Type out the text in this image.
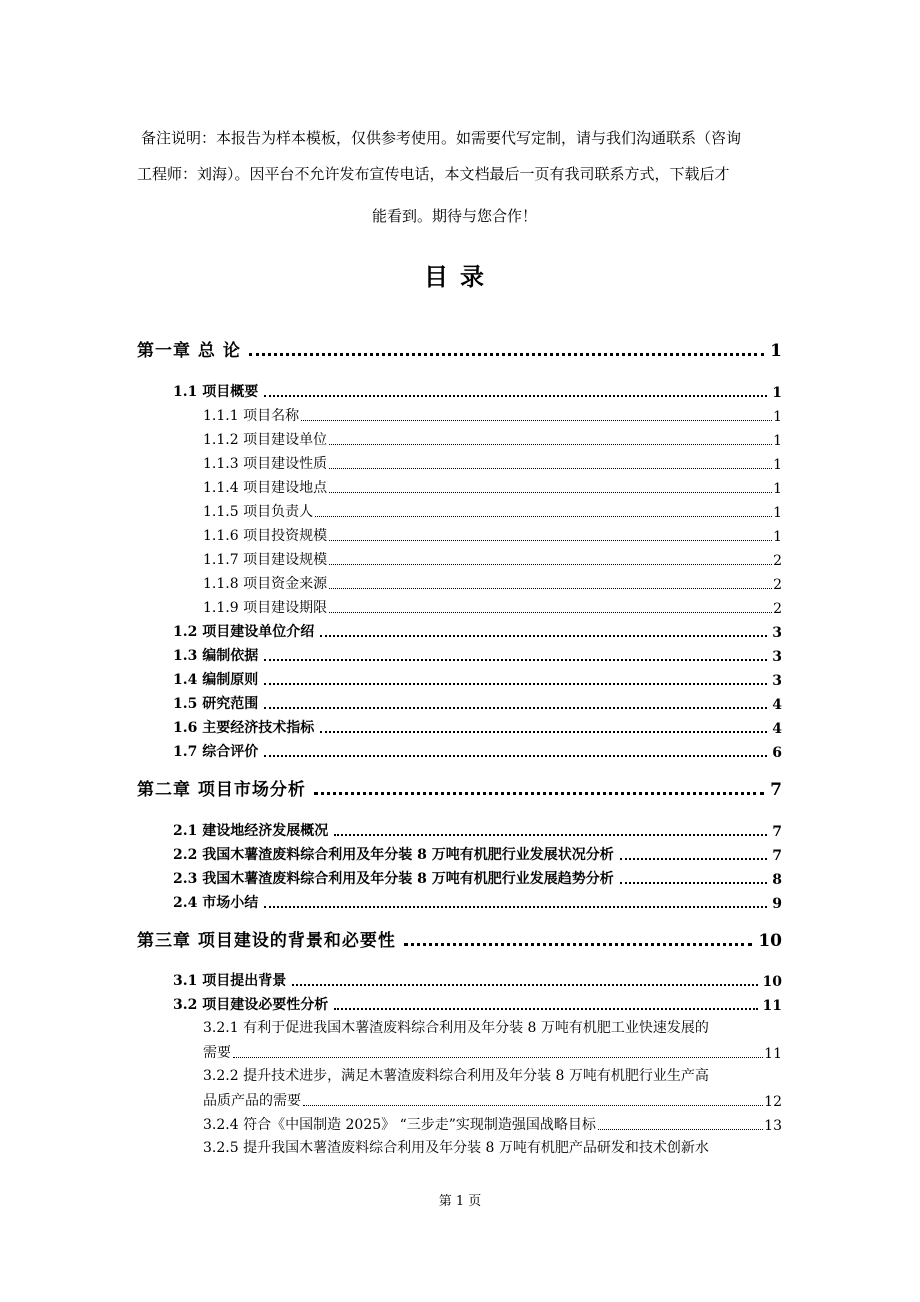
备注说明：本报告为样本模板，仅供参考使用。如需要代写定制，请与我们沟通联系（咨询
工程师：刘海）。因平台不允许发布宣传电话，本文档最后一页有我司联系方式，下载后才
能看到。期待与您合作！
目录
第一章 总 论	1
1.1 项目概要	1
1.1.1 项目名称	1
1.1.2 项目建设单位	1
1.1.3 项目建设性质	1
1.1.4 项目建设地点	1
1.1.5 项目负责人	1
1.1.6 项目投资规模	1
1.1.7 项目建设规模	2
1.1.8 项目资金来源	2
1.1.9 项目建设期限	2
1.2 项目建设单位介绍	3
1.3 编制依据	3
1.4 编制原则	3
1.5 研究范围	4
1.6 主要经济技术指标	4
1.7 综合评价	6
第二章 项目市场分析	7
2.1 建设地经济发展概况	7
2.2 我国木薯渣废料综合利用及年分装 8 万吨有机肥行业发展状况分析	7
2.3 我国木薯渣废料综合利用及年分装 8 万吨有机肥行业发展趋势分析	8
2.4 市场小结	9
第三章 项目建设的背景和必要性	10
3.1 项目提出背景	10
3.2 项目建设必要性分析	11
3.2.1 有利于促进我国木薯渣废料综合利用及年分装 8 万吨有机肥工业快速发展的
需要	11
3.2.2 提升技术进步，满足木薯渣废料综合利用及年分装 8 万吨有机肥行业生产高
品质产品的需要	12
3.2.4 符合《中国制造 2025》 “三步走”实现制造强国战略目标	13
3.2.5 提升我国木薯渣废料综合利用及年分装 8 万吨有机肥产品研发和技术创新水
第 1 页
